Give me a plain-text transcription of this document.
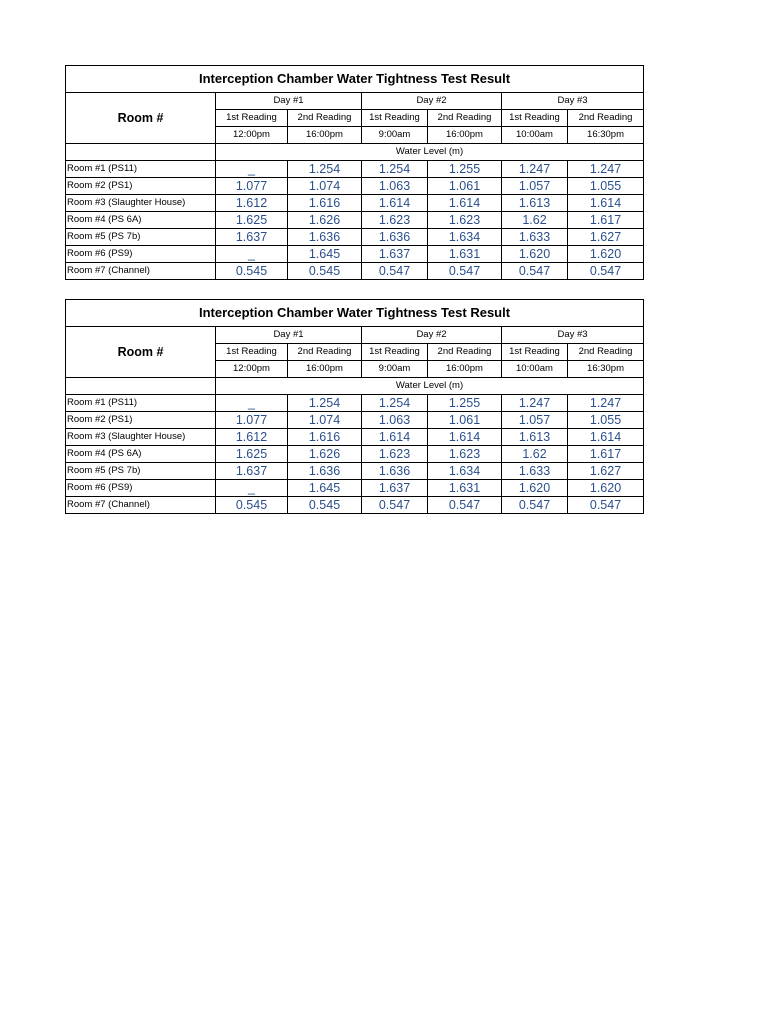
Interception Chamber Water Tightness Test Result						
Room #	Day #1		Day #2		Day #3	
	1st Reading	2nd Reading	1st Reading	2nd Reading	1st Reading	2nd Reading
	12:00pm	16:00pm	9:00am	16:00pm	10:00am	16:30pm
	Water Level (m)					
Room #1 (PS11)	_	1.254	1.254	1.255	1.247	1.247
Room #2 (PS1)	1.077	1.074	1.063	1.061	1.057	1.055
Room #3 (Slaughter House)	1.612	1.616	1.614	1.614	1.613	1.614
Room #4 (PS 6A)	1.625	1.626	1.623	1.623	1.62	1.617
Room #5 (PS 7b)	1.637	1.636	1.636	1.634	1.633	1.627
Room #6 (PS9)	_	1.645	1.637	1.631	1.620	1.620
Room #7 (Channel)	0.545	0.545	0.547	0.547	0.547	0.547
Interception Chamber Water Tightness Test Result						
Room #	Day #1		Day #2		Day #3	
	1st Reading	2nd Reading	1st Reading	2nd Reading	1st Reading	2nd Reading
	12:00pm	16:00pm	9:00am	16:00pm	10:00am	16:30pm
	Water Level (m)					
Room #1 (PS11)	_	1.254	1.254	1.255	1.247	1.247
Room #2 (PS1)	1.077	1.074	1.063	1.061	1.057	1.055
Room #3 (Slaughter House)	1.612	1.616	1.614	1.614	1.613	1.614
Room #4 (PS 6A)	1.625	1.626	1.623	1.623	1.62	1.617
Room #5 (PS 7b)	1.637	1.636	1.636	1.634	1.633	1.627
Room #6 (PS9)	_	1.645	1.637	1.631	1.620	1.620
Room #7 (Channel)	0.545	0.545	0.547	0.547	0.547	0.547
